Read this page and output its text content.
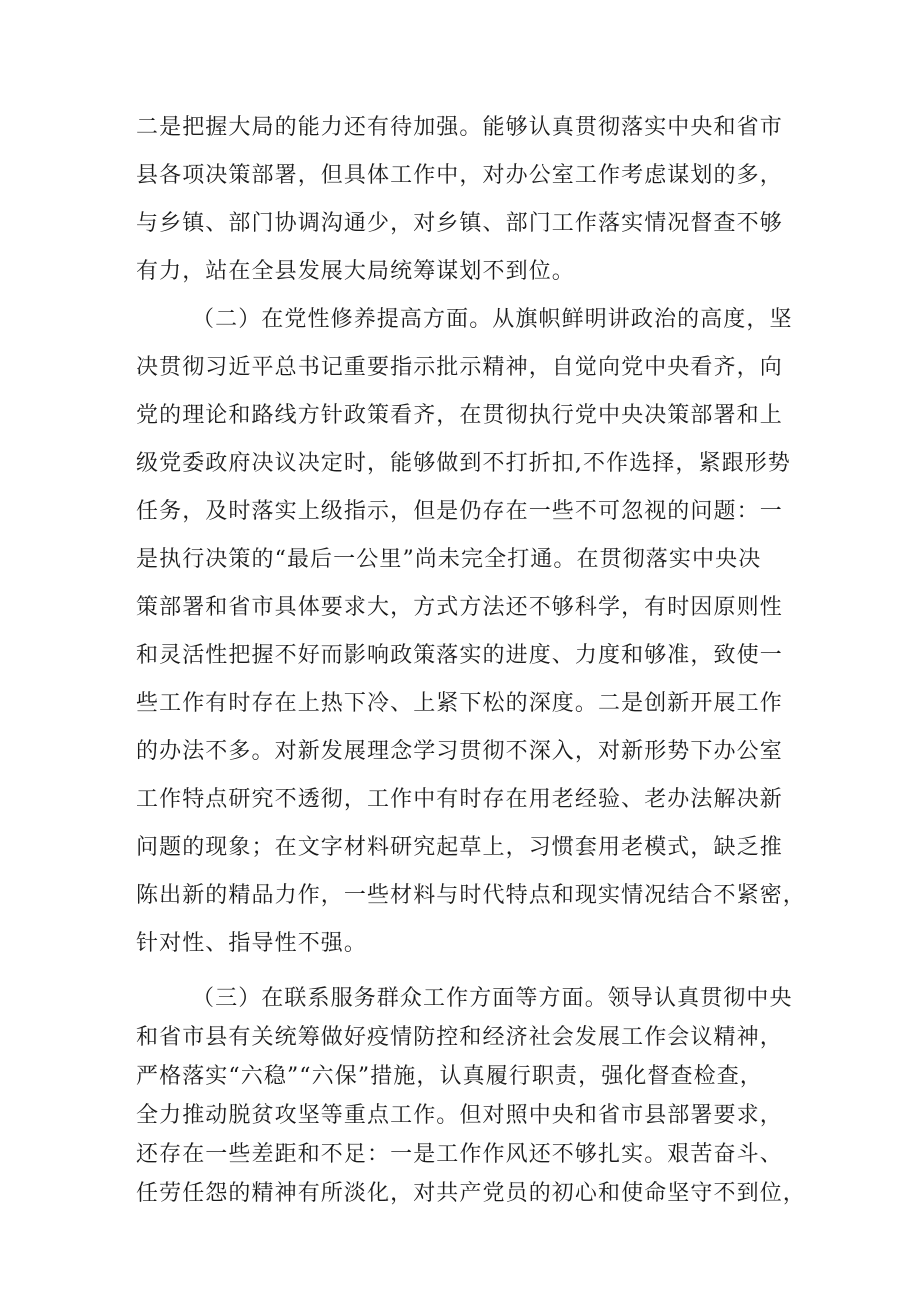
二是把握大局的能力还有待加强。能够认真贯彻落实中央和省市
县各项决策部署，但具体工作中，对办公室工作考虑谋划的多，
与乡镇、部门协调沟通少，对乡镇、部门工作落实情况督查不够
有力，站在全县发展大局统筹谋划不到位。
（二）在党性修养提高方面。从旗帜鲜明讲政治的高度，坚
决贯彻习近平总书记重要指示批示精神，自觉向党中央看齐，向
党的理论和路线方针政策看齐，在贯彻执行党中央决策部署和上
级党委政府决议决定时，能够做到不打折扣,不作选择，紧跟形势
任务，及时落实上级指示，但是仍存在一些不可忽视的问题：一
是执行决策的“最后一公里”尚未完全打通。在贯彻落实中央决
策部署和省市具体要求大，方式方法还不够科学，有时因原则性
和灵活性把握不好而影响政策落实的进度、力度和够准，致使一
些工作有时存在上热下冷、上紧下松的深度。二是创新开展工作
的办法不多。对新发展理念学习贯彻不深入，对新形势下办公室
工作特点研究不透彻，工作中有时存在用老经验、老办法解决新
问题的现象；在文字材料研究起草上，习惯套用老模式，缺乏推
陈出新的精品力作，一些材料与时代特点和现实情况结合不紧密，
针对性、指导性不强。
（三）在联系服务群众工作方面等方面。领导认真贯彻中央
和省市县有关统筹做好疫情防控和经济社会发展工作会议精神，
严格落实“六稳”“六保”措施，认真履行职责，强化督查检查，
全力推动脱贫攻坚等重点工作。但对照中央和省市县部署要求，
还存在一些差距和不足：一是工作作风还不够扎实。艰苦奋斗、
任劳任怨的精神有所淡化，对共产党员的初心和使命坚守不到位，
